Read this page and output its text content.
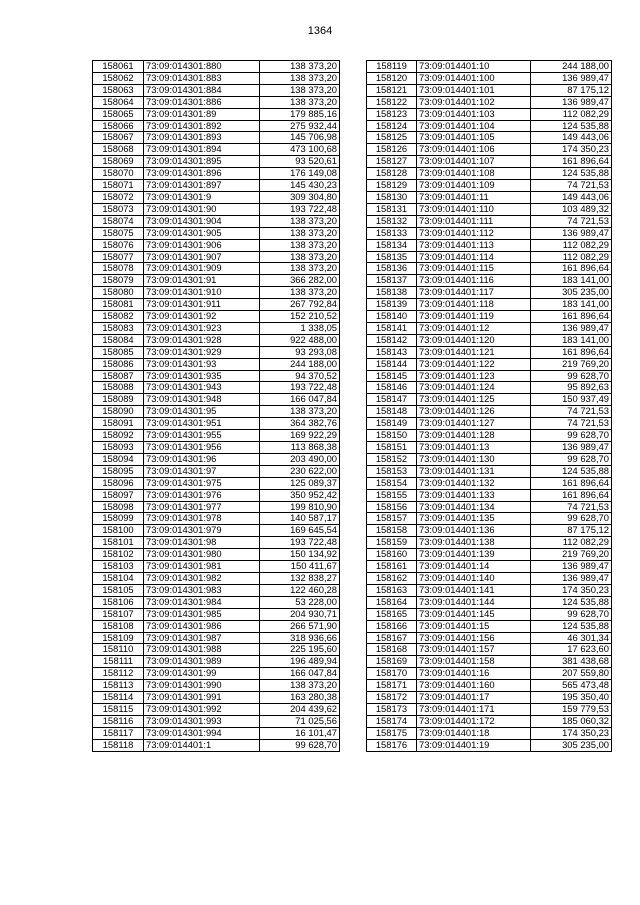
1364
158061	73:09:014301:880	138 373,20
158062	73:09:014301:883	138 373,20
158063	73:09:014301:884	138 373,20
158064	73:09:014301:886	138 373,20
158065	73:09:014301:89	179 885,16
158066	73:09:014301:892	275 932,44
158067	73:09:014301:893	145 706,98
158068	73:09:014301:894	473 100,68
158069	73:09:014301:895	93 520,61
158070	73:09:014301:896	176 149,08
158071	73:09:014301:897	145 430,23
158072	73:09:014301:9	309 304,80
158073	73:09:014301:90	193 722,48
158074	73:09:014301:904	138 373,20
158075	73:09:014301:905	138 373,20
158076	73:09:014301:906	138 373,20
158077	73:09:014301:907	138 373,20
158078	73:09:014301:909	138 373,20
158079	73:09:014301:91	366 282,00
158080	73:09:014301:910	138 373,20
158081	73:09:014301:911	267 792,84
158082	73:09:014301:92	152 210,52
158083	73:09:014301:923	1 338,05
158084	73:09:014301:928	922 488,00
158085	73:09:014301:929	93 293,08
158086	73:09:014301:93	244 188,00
158087	73:09:014301:935	94 370,52
158088	73:09:014301:943	193 722,48
158089	73:09:014301:948	166 047,84
158090	73:09:014301:95	138 373,20
158091	73:09:014301:951	364 382,76
158092	73:09:014301:955	169 922,29
158093	73:09:014301:956	113 868,38
158094	73:09:014301:96	203 490,00
158095	73:09:014301:97	230 622,00
158096	73:09:014301:975	125 089,37
158097	73:09:014301:976	350 952,42
158098	73:09:014301:977	199 810,90
158099	73:09:014301:978	140 587,17
158100	73:09:014301:979	169 645,54
158101	73:09:014301:98	193 722,48
158102	73:09:014301:980	150 134,92
158103	73:09:014301:981	150 411,67
158104	73:09:014301:982	132 838,27
158105	73:09:014301:983	122 460,28
158106	73:09:014301:984	53 228,00
158107	73:09:014301:985	204 930,71
158108	73:09:014301:986	266 571,90
158109	73:09:014301:987	318 936,66
158110	73:09:014301:988	225 195,60
158111	73:09:014301:989	196 489,94
158112	73:09:014301:99	166 047,84
158113	73:09:014301:990	138 373,20
158114	73:09:014301:991	163 280,38
158115	73:09:014301:992	204 439,62
158116	73:09:014301:993	71 025,56
158117	73:09:014301:994	16 101,47
158118	73:09:014401:1	99 628,70
158119	73:09:014401:10	244 188,00
158120	73:09:014401:100	136 989,47
158121	73:09:014401:101	87 175,12
158122	73:09:014401:102	136 989,47
158123	73:09:014401:103	112 082,29
158124	73:09:014401:104	124 535,88
158125	73:09:014401:105	149 443,06
158126	73:09:014401:106	174 350,23
158127	73:09:014401:107	161 896,64
158128	73:09:014401:108	124 535,88
158129	73:09:014401:109	74 721,53
158130	73:09:014401:11	149 443,06
158131	73:09:014401:110	103 489,32
158132	73:09:014401:111	74 721,53
158133	73:09:014401:112	136 989,47
158134	73:09:014401:113	112 082,29
158135	73:09:014401:114	112 082,29
158136	73:09:014401:115	161 896,64
158137	73:09:014401:116	183 141,00
158138	73:09:014401:117	305 235,00
158139	73:09:014401:118	183 141,00
158140	73:09:014401:119	161 896,64
158141	73:09:014401:12	136 989,47
158142	73:09:014401:120	183 141,00
158143	73:09:014401:121	161 896,64
158144	73:09:014401:122	219 769,20
158145	73:09:014401:123	99 628,70
158146	73:09:014401:124	95 892,63
158147	73:09:014401:125	150 937,49
158148	73:09:014401:126	74 721,53
158149	73:09:014401:127	74 721,53
158150	73:09:014401:128	99 628,70
158151	73:09:014401:13	136 989,47
158152	73:09:014401:130	99 628,70
158153	73:09:014401:131	124 535,88
158154	73:09:014401:132	161 896,64
158155	73:09:014401:133	161 896,64
158156	73:09:014401:134	74 721,53
158157	73:09:014401:135	99 628,70
158158	73:09:014401:136	87 175,12
158159	73:09:014401:138	112 082,29
158160	73:09:014401:139	219 769,20
158161	73:09:014401:14	136 989,47
158162	73:09:014401:140	136 989,47
158163	73:09:014401:141	174 350,23
158164	73:09:014401:144	124 535,88
158165	73:09:014401:145	99 628,70
158166	73:09:014401:15	124 535,88
158167	73:09:014401:156	46 301,34
158168	73:09:014401:157	17 623,60
158169	73:09:014401:158	381 438,68
158170	73:09:014401:16	207 559,80
158171	73:09:014401:160	565 473,48
158172	73:09:014401:17	195 350,40
158173	73:09:014401:171	159 779,53
158174	73:09:014401:172	185 060,32
158175	73:09:014401:18	174 350,23
158176	73:09:014401:19	305 235,00
